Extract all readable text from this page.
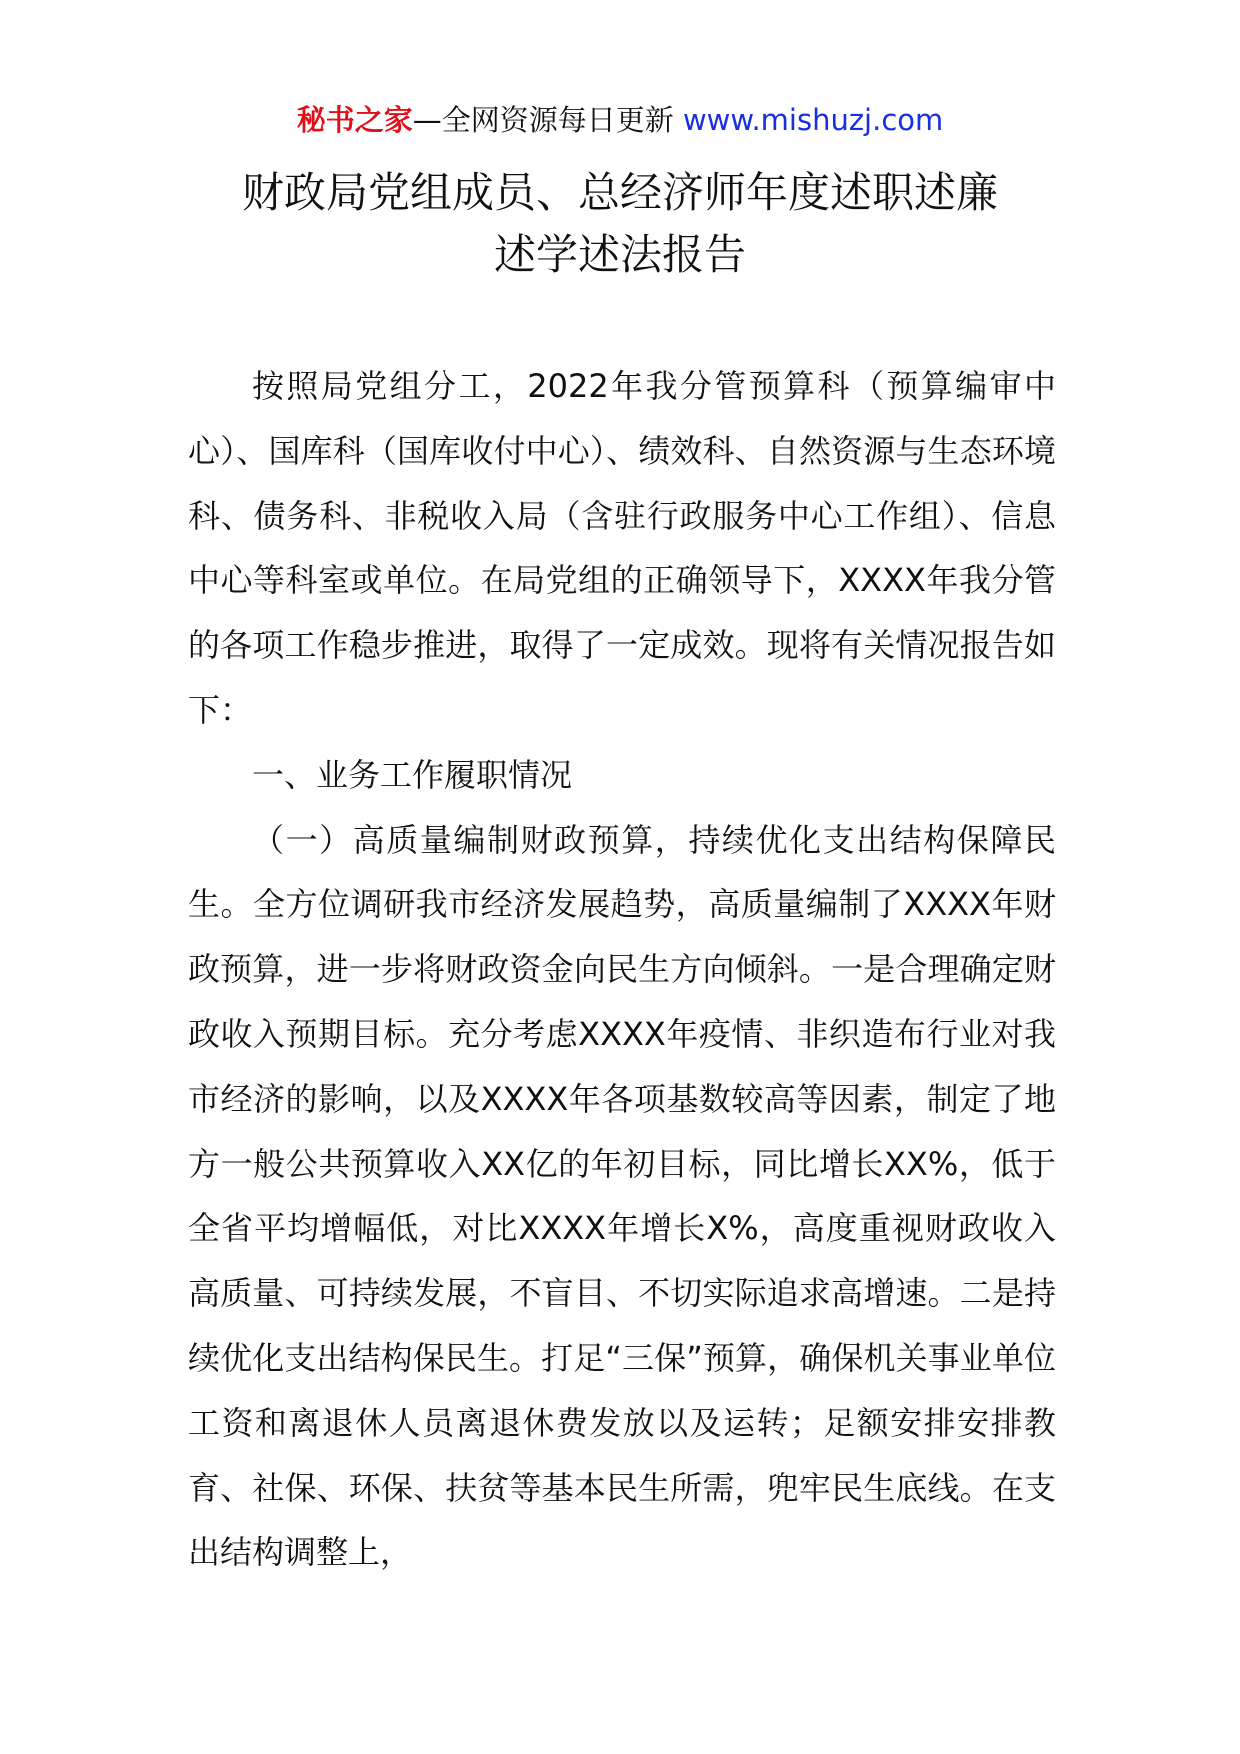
秘书之家—全网资源每日更新 www.mishuzj.com
财政局党组成员、总经济师年度述职述廉
述学述法报告

按照局党组分工，2022年我分管预算科（预算编审中心）、国库科（国库收付中心）、绩效科、自然资源与生态环境科、债务科、非税收入局（含驻行政服务中心工作组）、信息中心等科室或单位。在局党组的正确领导下，XXXX年我分管的各项工作稳步推进，取得了一定成效。现将有关情况报告如下：

一、业务工作履职情况

（一）高质量编制财政预算，持续优化支出结构保障民生。全方位调研我市经济发展趋势，高质量编制了XXXX年财政预算，进一步将财政资金向民生方向倾斜。一是合理确定财政收入预期目标。充分考虑XXXX年疫情、非织造布行业对我市经济的影响，以及XXXX年各项基数较高等因素，制定了地方一般公共预算收入XX亿的年初目标，同比增长XX%，低于全省平均增幅低，对比XXXX年增长X%，高度重视财政收入高质量、可持续发展，不盲目、不切实际追求高增速。二是持续优化支出结构保民生。打足“三保”预算，确保机关事业单位工资和离退休人员离退休费发放以及运转；足额安排安排教育、社保、环保、扶贫等基本民生所需，兜牢民生底线。在支出结构调整上，
